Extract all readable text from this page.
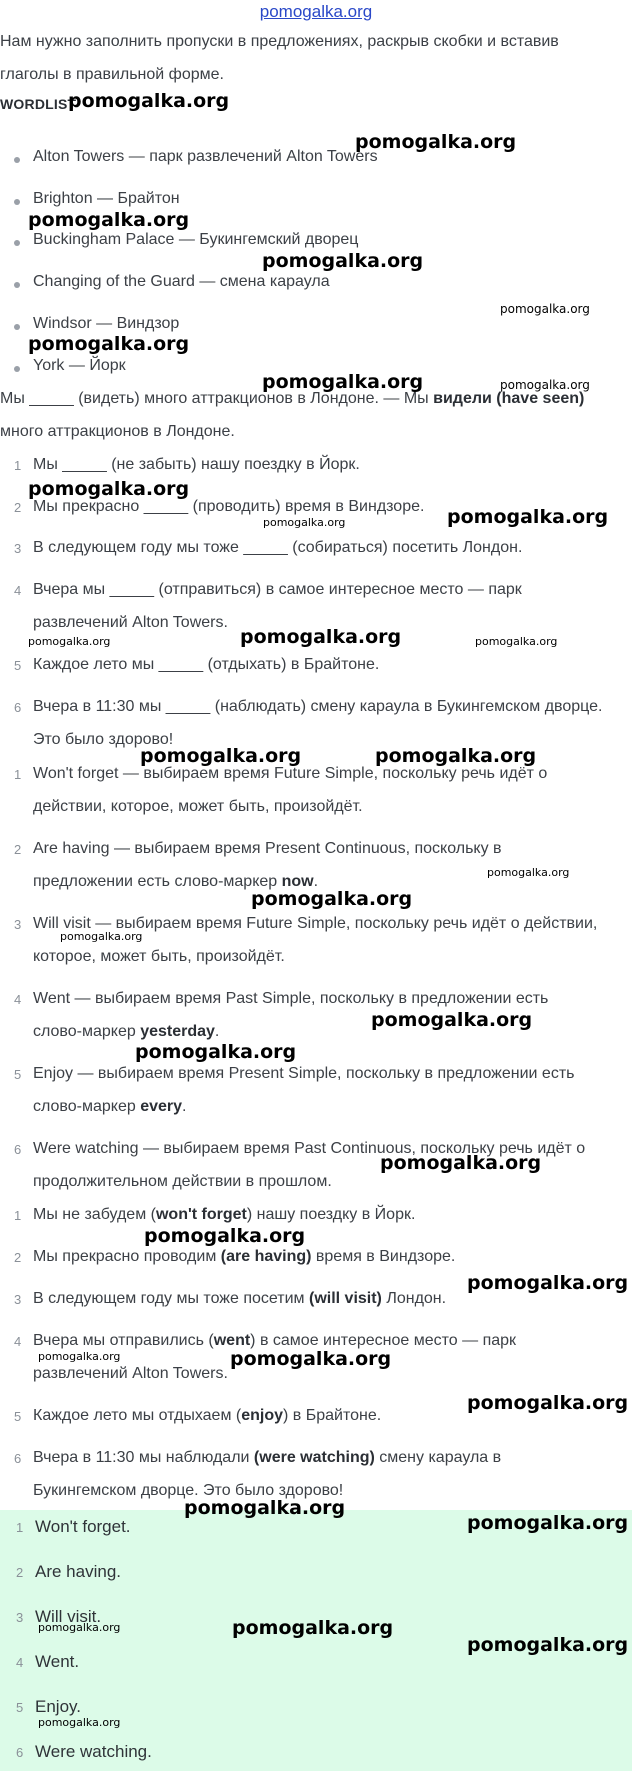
pomogalka.org
Нам нужно заполнить пропуски в предложениях, раскрыв скобки и вставив
глаголы в правильной форме.
WORDLIST
Alton Towers — парк развлечений Alton Towers
Brighton — Брайтон
Buckingham Palace — Букингемский дворец
Changing of the Guard — смена караула
Windsor — Виндзор
York — Йорк
Мы _____ (видеть) много аттракционов в Лондоне. — Мы видели (have seen)
много аттракционов в Лондоне.
1 Мы _____ (не забыть) нашу поездку в Йорк.
2 Мы прекрасно _____ (проводить) время в Виндзоре.
3 В следующем году мы тоже _____ (собираться) посетить Лондон.
4 Вчера мы _____ (отправиться) в самое интересное место — парк
развлечений Alton Towers.
5 Каждое лето мы _____ (отдыхать) в Брайтоне.
6 Вчера в 11:30 мы _____ (наблюдать) смену караула в Букингемском дворце.
Это было здорово!
1 Won't forget — выбираем время Future Simple, поскольку речь идёт о
действии, которое, может быть, произойдёт.
2 Are having — выбираем время Present Continuous, поскольку в
предложении есть слово-маркер now.
3 Will visit — выбираем время Future Simple, поскольку речь идёт о действии,
которое, может быть, произойдёт.
4 Went — выбираем время Past Simple, поскольку в предложении есть
слово-маркер yesterday.
5 Enjoy — выбираем время Present Simple, поскольку в предложении есть
слово-маркер every.
6 Were watching — выбираем время Past Continuous, поскольку речь идёт о
продолжительном действии в прошлом.
1 Мы не забудем (won't forget) нашу поездку в Йорк.
2 Мы прекрасно проводим (are having) время в Виндзоре.
3 В следующем году мы тоже посетим (will visit) Лондон.
4 Вчера мы отправились (went) в самое интересное место — парк
развлечений Alton Towers.
5 Каждое лето мы отдыхаем (enjoy) в Брайтоне.
6 Вчера в 11:30 мы наблюдали (were watching) смену караула в
Букингемском дворце. Это было здорово!
1 Won't forget.
2 Are having.
3 Will visit.
4 Went.
5 Enjoy.
6 Were watching.
pomogalka.org
pomogalka.org
pomogalka.org
pomogalka.org
pomogalka.org
pomogalka.org
pomogalka.org	pomogalka.org
pomogalka.org
pomogalka.org	pomogalka.org
pomogalka.org	pomogalka.org	pomogalka.org
pomogalka.org	pomogalka.org
pomogalka.org
pomogalka.org
pomogalka.org
pomogalka.org
pomogalka.org
pomogalka.org
pomogalka.org
pomogalka.org
pomogalka.org	pomogalka.org
pomogalka.org
pomogalka.org
pomogalka.org
pomogalka.org	pomogalka.org
pomogalka.org
pomogalka.org
